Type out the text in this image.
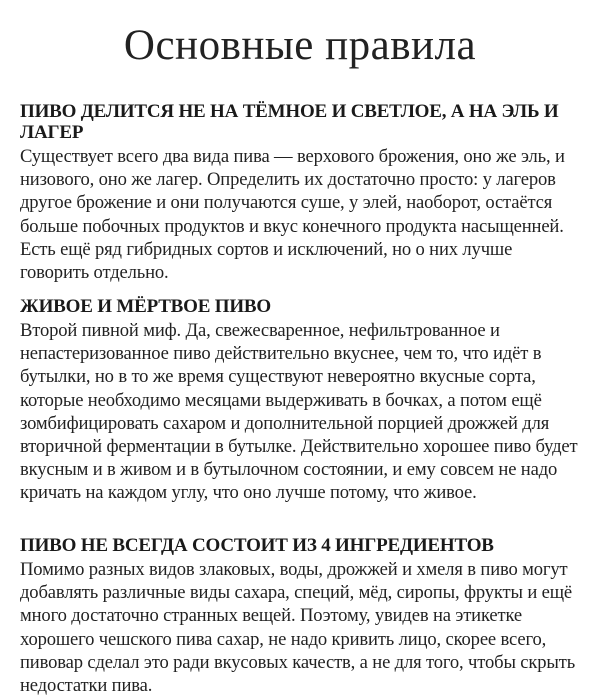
Основные правила
ПИВО ДЕЛИТСЯ НЕ НА ТЁМНОЕ И СВЕТЛОЕ, А НА ЭЛЬ И ЛАГЕР

Существует всего два вида пива — верхового брожения, оно же эль, и низового, оно же лагер. Определить их достаточно просто: у лагеров другое брожение и они получаются суше, у элей, наоборот, остаётся больше побочных продуктов и вкус конечного продукта насыщенней. Есть ещё ряд гибридных сортов и исключений, но о них лучше говорить отдельно.

ЖИВОЕ И МЁРТВОЕ ПИВО

Второй пивной миф. Да, свежесваренное, нефильтрованное и непастеризованное пиво действительно вкуснее, чем то, что идёт в бутылки, но в то же время существуют невероятно вкусные сорта, которые необходимо месяцами выдерживать в бочках, а потом ещё зомбифицировать сахаром и дополнительной порцией дрожжей для вторичной ферментации в бутылке. Действительно хорошее пиво будет вкусным и в живом и в бутылочном состоянии, и ему совсем не надо кричать на каждом углу, что оно лучше потому, что живое.

ПИВО НЕ ВСЕГДА СОСТОИТ ИЗ 4 ИНГРЕДИЕНТОВ

Помимо разных видов злаковых, воды, дрожжей и хмеля в пиво могут добавлять различные виды сахара, специй, мёд, сиропы, фрукты и ещё много достаточно странных вещей. Поэтому, увидев на этикетке хорошего чешского пива сахар, не надо кривить лицо, скорее всего, пивовар сделал это ради вкусовых качеств, а не для того, чтобы скрыть недостатки пива.
